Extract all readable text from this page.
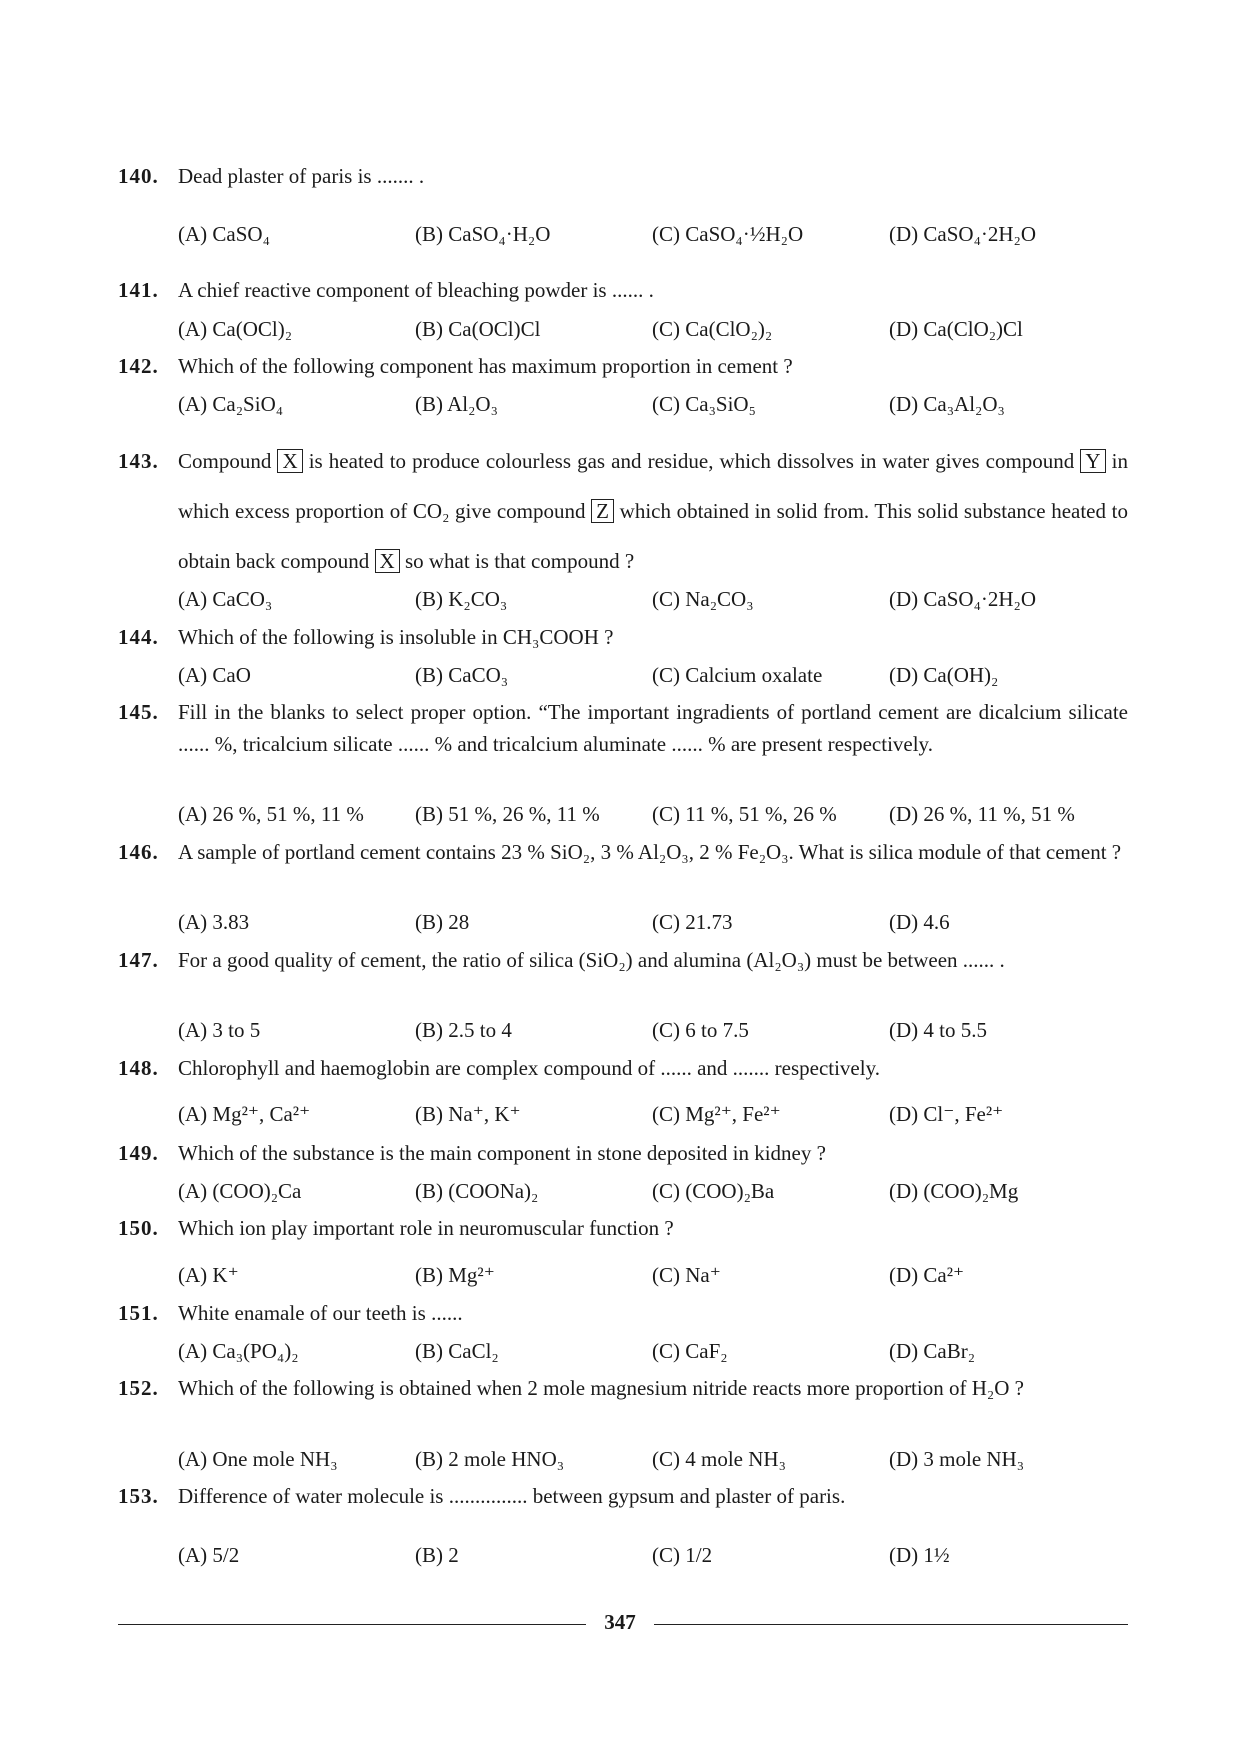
140. Dead plaster of paris is ....... .
(A) CaSO₄	(B) CaSO₄·H₂O	(C) CaSO₄·½H₂O	(D) CaSO₄·2H₂O
141. A chief reactive component of bleaching powder is ...... .
(A) Ca(OCl)₂	(B) Ca(OCl)Cl	(C) Ca(ClO₂)₂	(D) Ca(ClO₂)Cl
142. Which of the following component has maximum proportion in cement ?
(A) Ca₂SiO₄	(B) Al₂O₃	(C) Ca₃SiO₅	(D) Ca₃Al₂O₃
143. Compound X is heated to produce colourless gas and residue, which dissolves in water gives compound Y in which excess proportion of CO₂ give compound Z which obtained in solid from. This solid substance heated to obtain back compound X so what is that compound ?
(A) CaCO₃	(B) K₂CO₃	(C) Na₂CO₃	(D) CaSO₄·2H₂O
144. Which of the following is insoluble in CH₃COOH ?
(A) CaO	(B) CaCO₃	(C) Calcium oxalate	(D) Ca(OH)₂
145. Fill in the blanks to select proper option. “The important ingradients of portland cement are dicalcium silicate ...... %, tricalcium silicate ...... % and tricalcium aluminate ...... % are present respectively.
(A) 26 %, 51 %, 11 % (B) 51 %, 26 %, 11 % (C) 11 %, 51 %, 26 % (D) 26 %, 11 %, 51 %
146. A sample of portland cement contains 23 % SiO₂, 3 % Al₂O₃, 2 % Fe₂O₃. What is silica module of that cement ?
(A) 3.83	(B) 28	(C) 21.73	(D) 4.6
147. For a good quality of cement, the ratio of silica (SiO₂) and alumina (Al₂O₃) must be between ...... .
(A) 3 to 5	(B) 2.5 to 4	(C) 6 to 7.5	(D) 4 to 5.5
148. Chlorophyll and haemoglobin are complex compound of ...... and ....... respectively.
(A) Mg²⁺, Ca²⁺	(B) Na⁺, K⁺	(C) Mg²⁺, Fe²⁺	(D) Cl⁻, Fe²⁺
149. Which of the substance is the main component in stone deposited in kidney ?
(A) (COO)₂Ca	(B) (COONa)₂	(C) (COO)₂Ba	(D) (COO)₂Mg
150. Which ion play important role in neuromuscular function ?
(A) K⁺	(B) Mg²⁺	(C) Na⁺	(D) Ca²⁺
151. White enamale of our teeth is ......
(A) Ca₃(PO₄)₂	(B) CaCl₂	(C) CaF₂	(D) CaBr₂
152. Which of the following is obtained when 2 mole magnesium nitride reacts more proportion of H₂O ?
(A) One mole NH₃	(B) 2 mole HNO₃	(C) 4 mole NH₃	(D) 3 mole NH₃
153. Difference of water molecule is ............... between gypsum and plaster of paris.
(A) 5/2	(B) 2	(C) 1/2	(D) 1½
347
